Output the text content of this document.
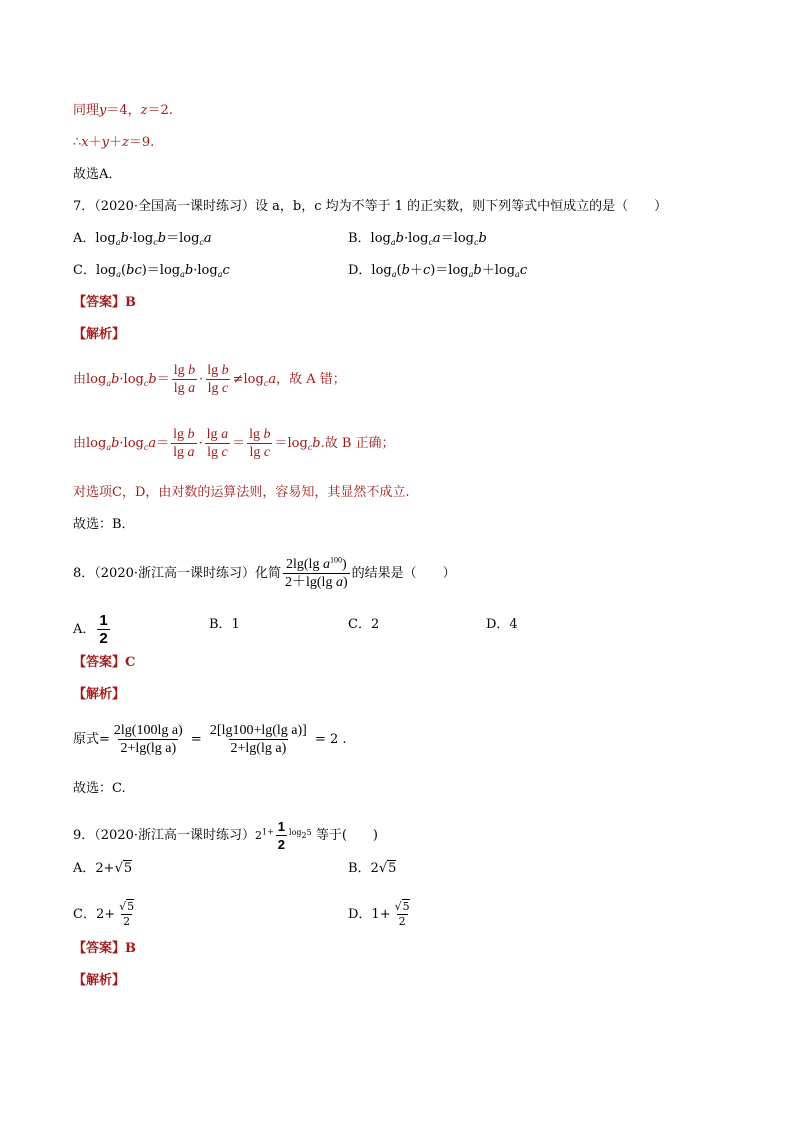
同理y＝4，z＝2.
∴x＋y＋z＝9.
故选A．
7．（2020·全国高一课时练习）设 a，b，c 均为不等于 1 的正实数，则下列等式中恒成立的是（　　）
A．$\log_ab\cdot\log_cb=\log_ca$	B．$\log_ab\cdot\log_ca=\log_cb$
C．$\log_a(bc)=\log_ab\cdot\log_ac$	D．$\log_a(b+c)=\log_ab+\log_ac$
【答案】B
【解析】
由$\log_ab\cdot\log_cb= \frac{\text{lg b}}{\text{lg a}} \cdot \frac{\text{lg b}}{\text{lg c}} \ne\log_ca$，故 A 错；
由$\log_ab\cdot\log_ca= \frac{\text{lg b}}{\text{lg a}} \cdot \frac{\text{lg a}}{\text{lg c}} = \frac{\text{lg b}}{\text{lg c}} =\log_cb$.故 B 正确；
对选项C，D，由对数的运算法则，容易知，其显然不成立.
故选：B．
8．（2020·浙江高一课时练习）化简 $\frac{2\lg(\lg a^{100})}{\text{2＋lg(lg a)}}$ 的结果是（　　）
A． $\frac{1}{2}$	B．1	C．2	D．4
【答案】C
【解析】
原式= $\frac{\text{2lg(100lg a)}}{\text{2+lg(lg a)}} = \frac{\text{2[lg100+lg(lg a)]}}{\text{2+lg(lg a)}} = 2$ .
故选：C.
9．（2020·浙江高一课时练习）$2^{1+} \frac{1}{2} ^{log_25}$ 等于(　　)
A．2+√5	B．2√5
C．$2+ \frac{√5}{2}$	D．$1+ \frac{√5}{2}$
【答案】B
【解析】
